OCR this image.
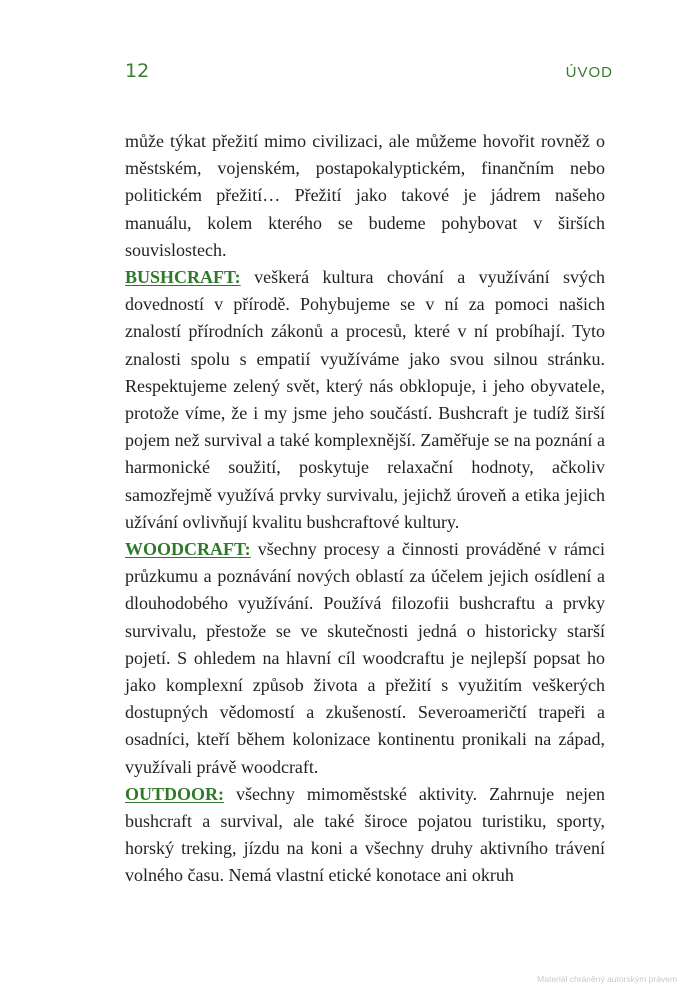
12	ÚVOD

může týkat přežití mimo civilizaci, ale můžeme hovořit rovněž o městském, vojenském, postapokalyptickém, finančním nebo politickém přežití… Přežití jako takové je jádrem našeho manuálu, kolem kterého se budeme pohybovat v širších souvislostech.

BUSHCRAFT: veškerá kultura chování a využívání svých dovedností v přírodě. Pohybujeme se v ní za pomoci našich znalostí přírodních zákonů a procesů, které v ní probíhají. Tyto znalosti spolu s empatií využíváme jako svou silnou stránku. Respektujeme zelený svět, který nás obklopuje, i jeho obyvatele, protože víme, že i my jsme jeho součástí. Bushcraft je tudíž širší pojem než survival a také komplexnější. Zaměřuje se na poznání a harmonické soužití, poskytuje relaxační hodnoty, ačkoliv samozřejmě využívá prvky survivalu, jejichž úroveň a etika jejich užívání ovlivňují kvalitu bushcraftové kultury.

WOODCRAFT: všechny procesy a činnosti prováděné v rámci průzkumu a poznávání nových oblastí za účelem jejich osídlení a dlouhodobého využívání. Používá filozofii bushcraftu a prvky survivalu, přestože se ve skutečnosti jedná o historicky starší pojetí. S ohledem na hlavní cíl woodcraftu je nejlepší popsat ho jako komplexní způsob života a přežití s využitím veškerých dostupných vědomostí a zkušeností. Severoameričtí trapeři a osadníci, kteří během kolonizace kontinentu pronikali na západ, využívali právě woodcraft.

OUTDOOR: všechny mimoměstské aktivity. Zahrnuje nejen bushcraft a survival, ale také široce pojatou turistiku, sporty, horský treking, jízdu na koni a všechny druhy aktivního trávení volného času. Nemá vlastní etické konotace ani okruh

Materiál chráněný autorským právem
